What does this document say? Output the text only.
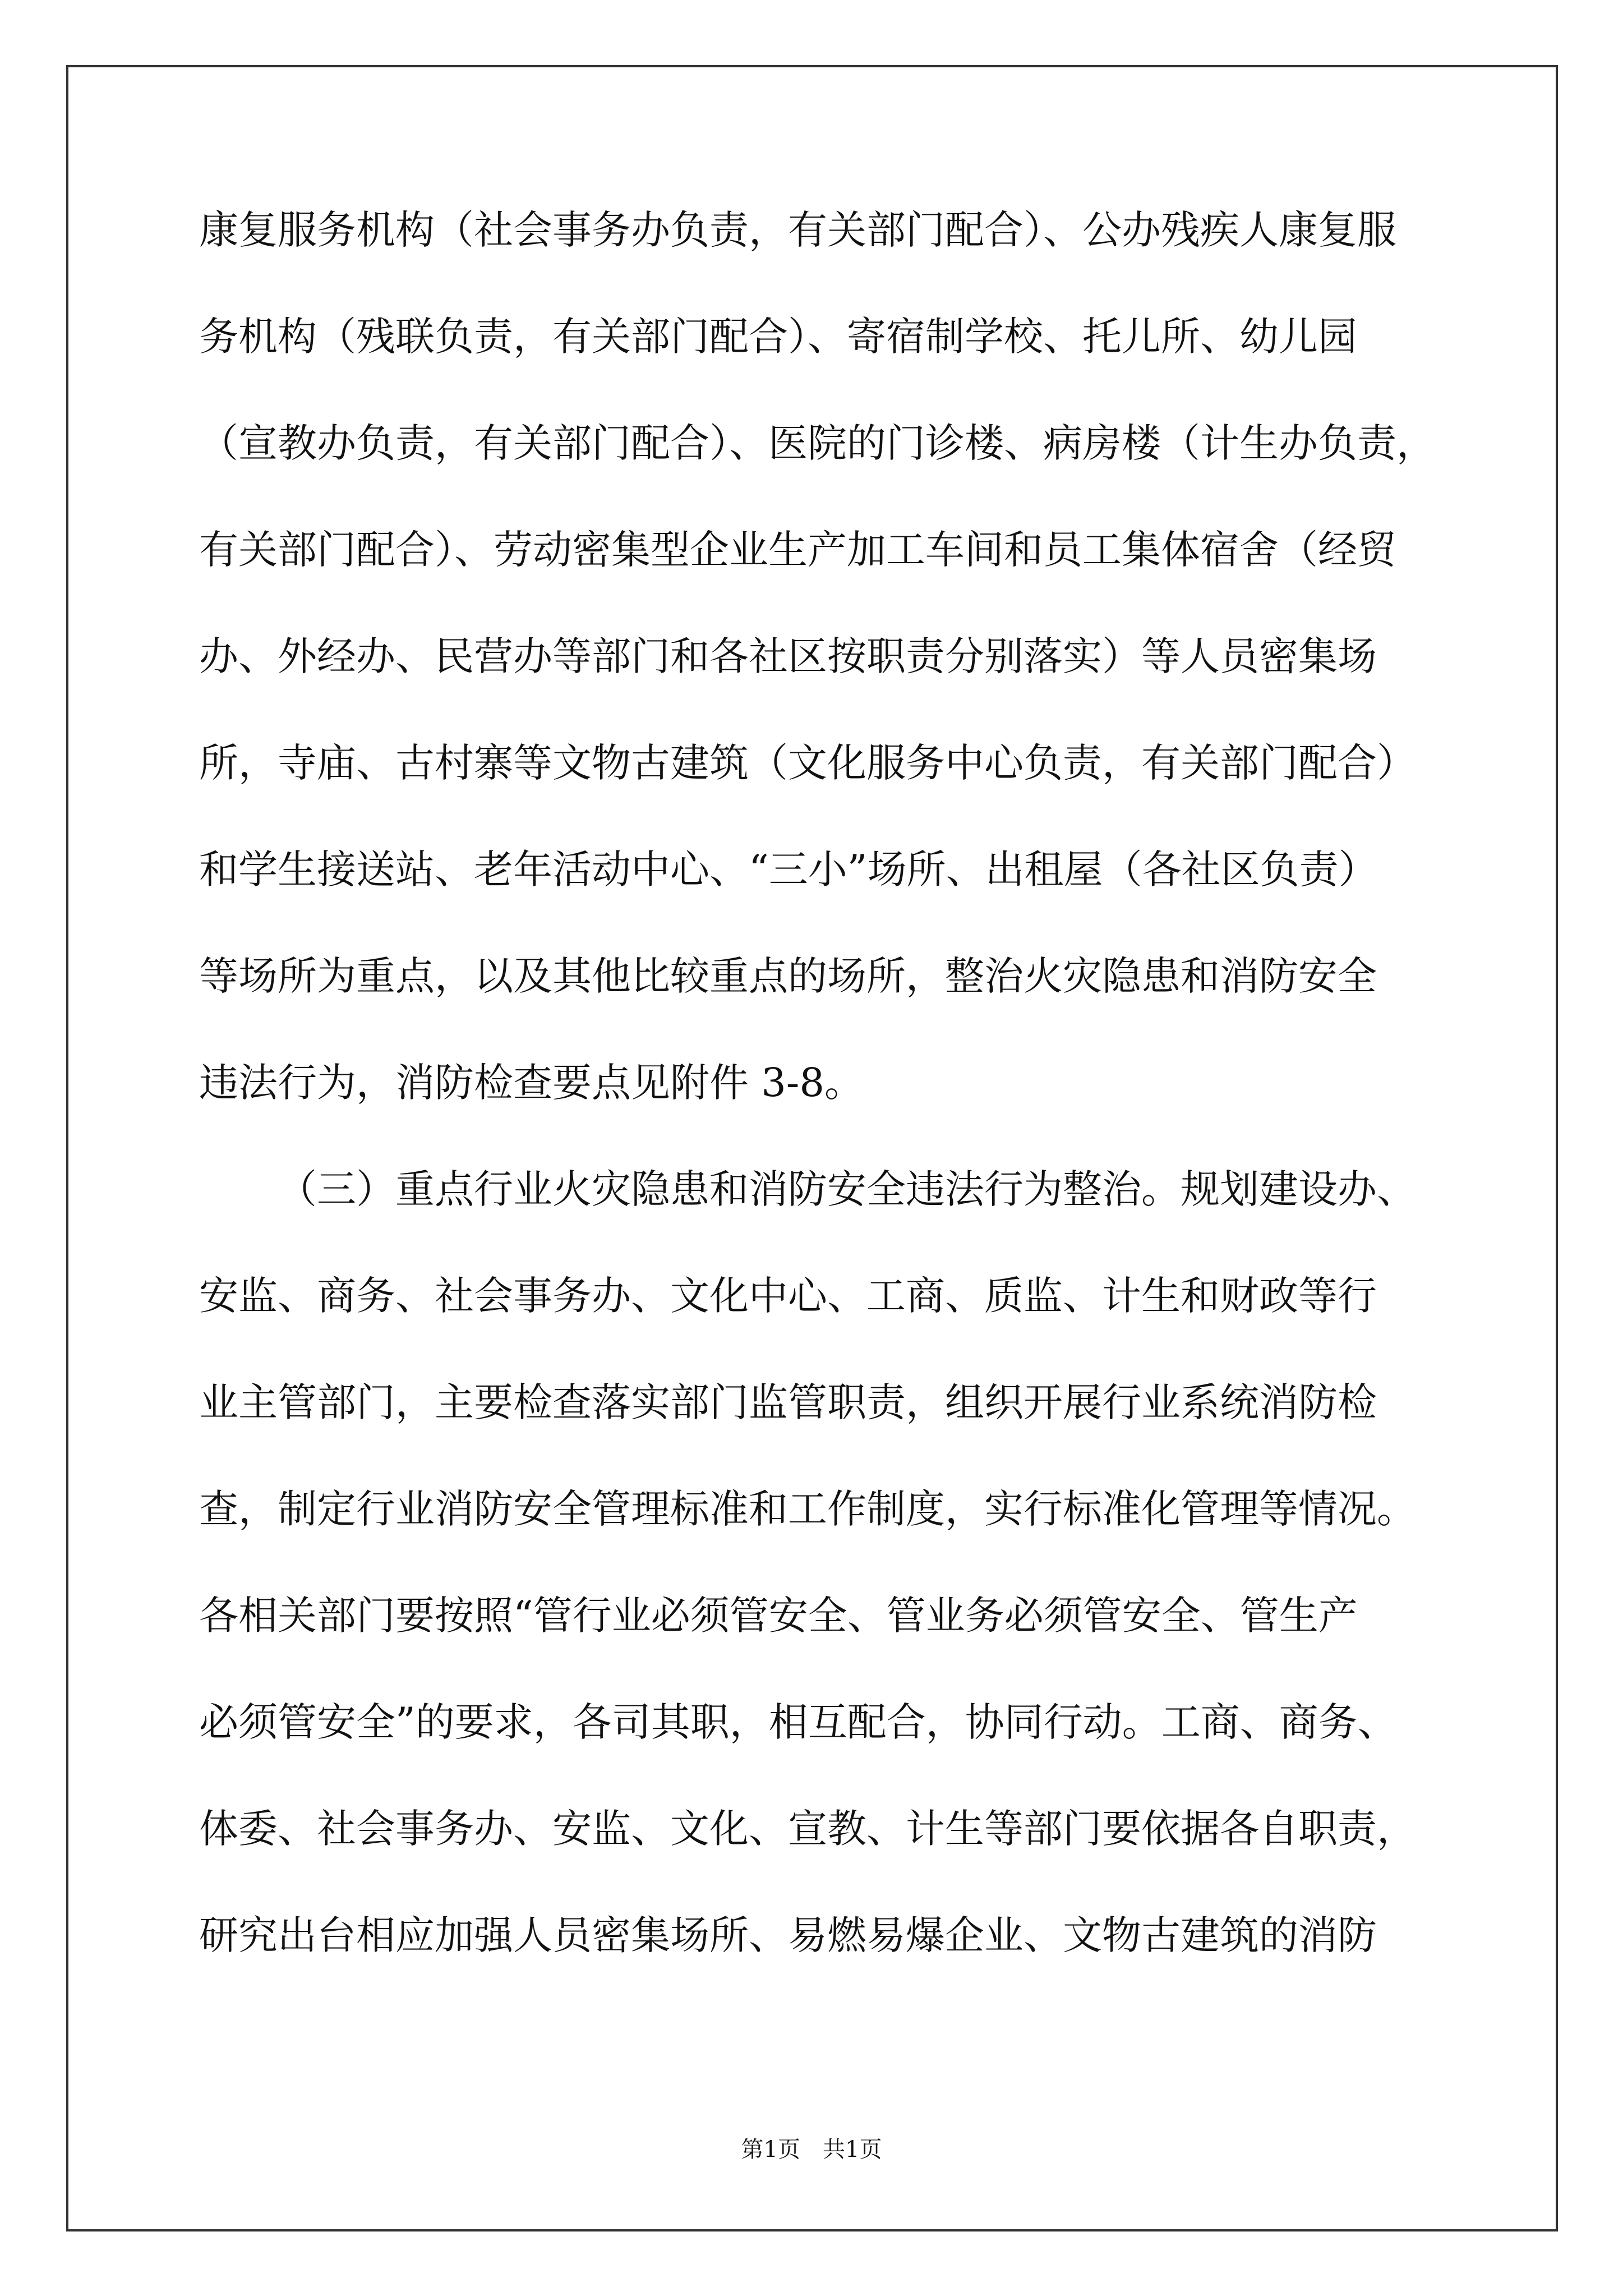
康复服务机构（社会事务办负责，有关部门配合）、公办残疾人康复服
务机构（残联负责，有关部门配合）、寄宿制学校、托儿所、幼儿园
（宣教办负责，有关部门配合）、医院的门诊楼、病房楼（计生办负责，
有关部门配合）、劳动密集型企业生产加工车间和员工集体宿舍（经贸
办、外经办、民营办等部门和各社区按职责分别落实）等人员密集场
所，寺庙、古村寨等文物古建筑（文化服务中心负责，有关部门配合）
和学生接送站、老年活动中心、“三小”场所、出租屋（各社区负责）
等场所为重点，以及其他比较重点的场所，整治火灾隐患和消防安全
违法行为，消防检查要点见附件 3-8。
（三）重点行业火灾隐患和消防安全违法行为整治。规划建设办、
安监、商务、社会事务办、文化中心、工商、质监、计生和财政等行
业主管部门，主要检查落实部门监管职责，组织开展行业系统消防检
查，制定行业消防安全管理标准和工作制度，实行标准化管理等情况。
各相关部门要按照“管行业必须管安全、管业务必须管安全、管生产
必须管安全”的要求，各司其职，相互配合，协同行动。工商、商务、
体委、社会事务办、安监、文化、宣教、计生等部门要依据各自职责，
研究出台相应加强人员密集场所、易燃易爆企业、文物古建筑的消防
第1页　共1页
